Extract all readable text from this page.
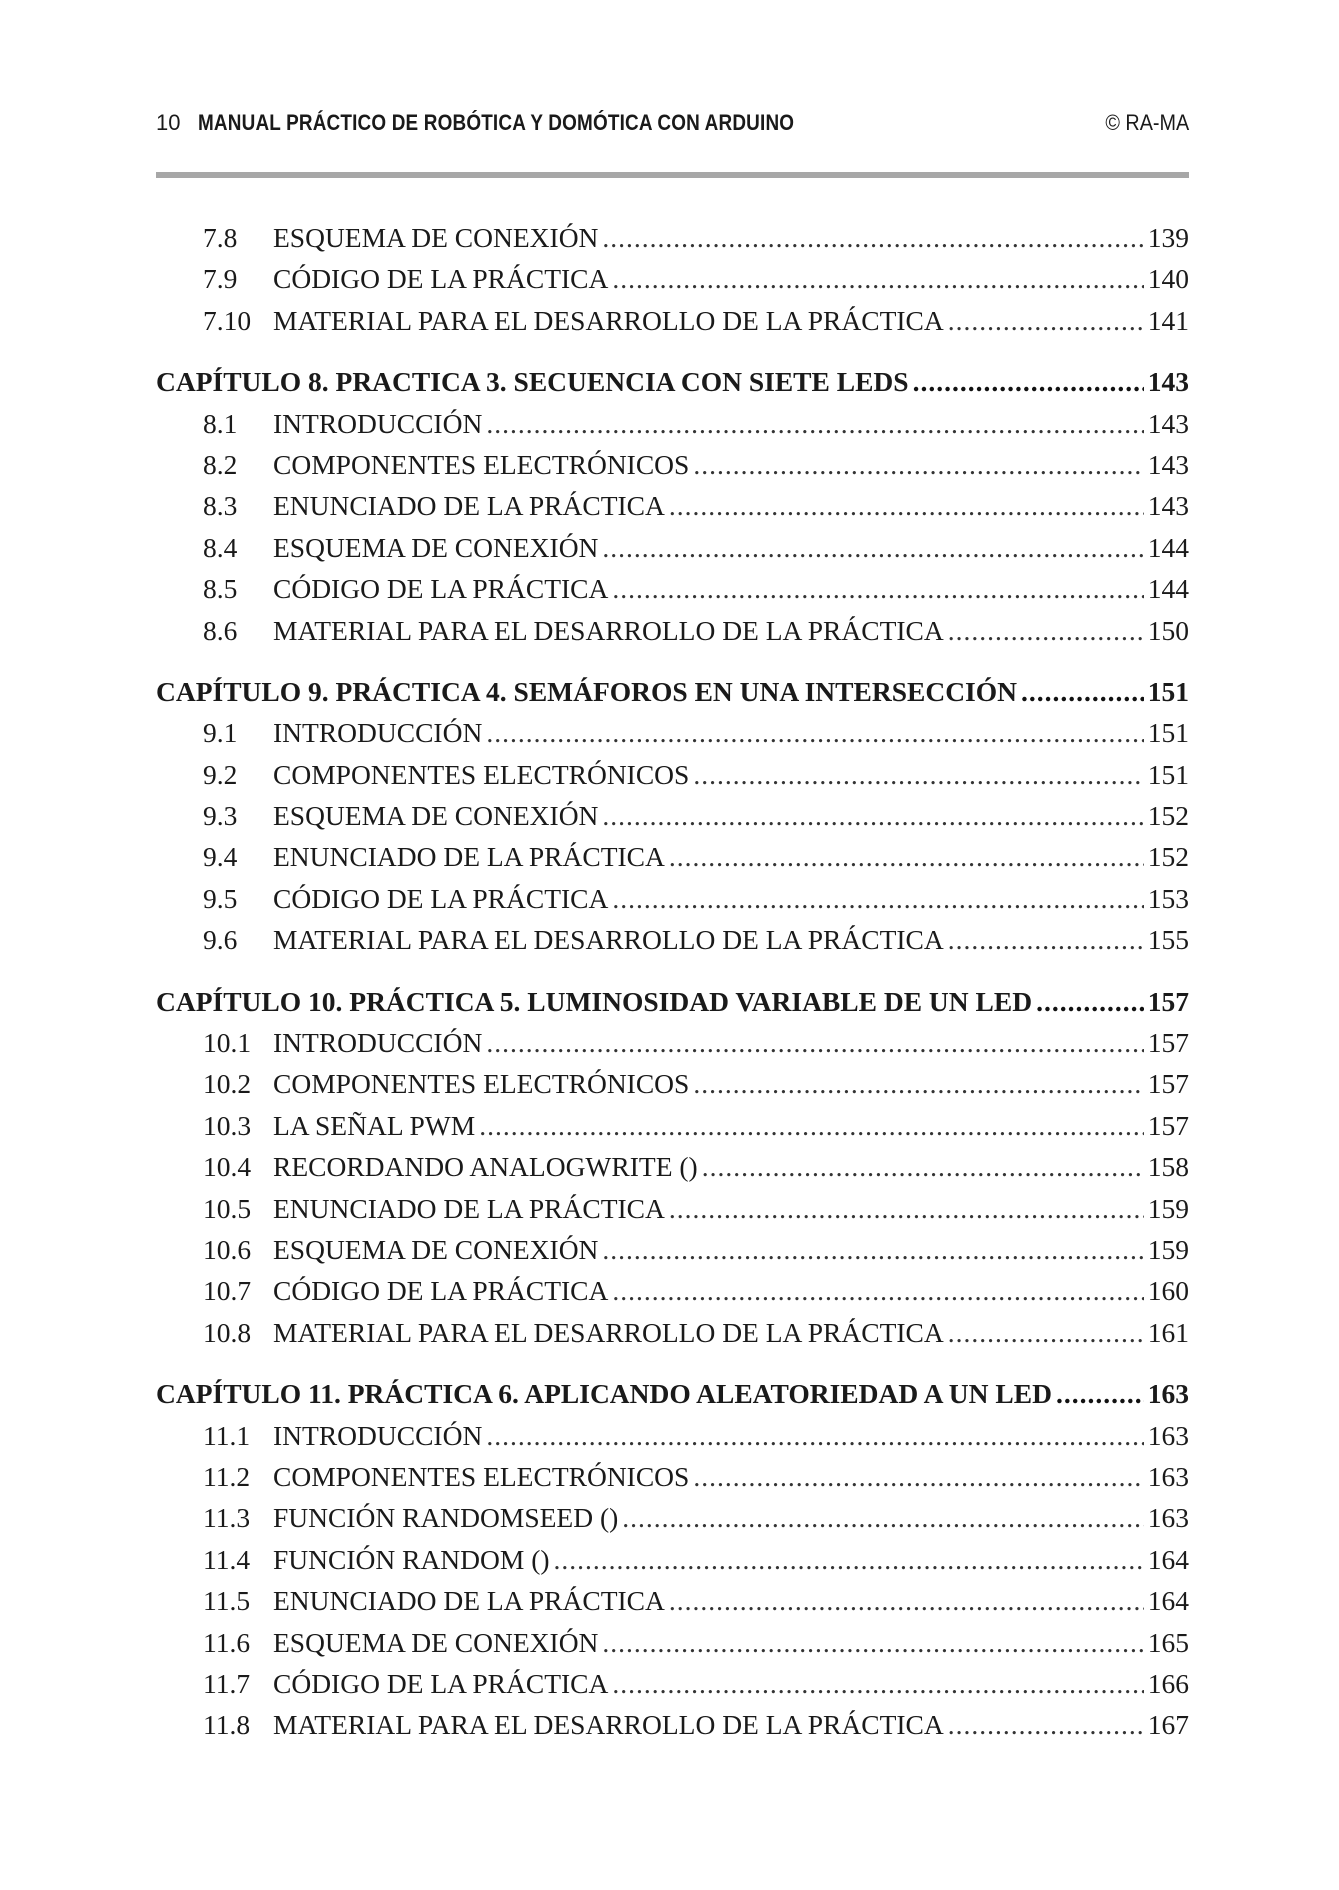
10 MANUAL PRÁCTICO DE ROBÓTICA Y DOMÓTICA CON ARDUINO	© RA-MA
7.8	ESQUEMA DE CONEXIÓN .....	139
7.9	CÓDIGO DE LA PRÁCTICA .....	140
7.10 MATERIAL PARA EL DESARROLLO DE LA PRÁCTICA .....	141
CAPÍTULO 8. PRACTICA 3. SECUENCIA CON SIETE LEDS .....	143
8.1	INTRODUCCIÓN .....	143
8.2	COMPONENTES ELECTRÓNICOS .....	143
8.3	ENUNCIADO DE LA PRÁCTICA .....	143
8.4	ESQUEMA DE CONEXIÓN .....	144
8.5	CÓDIGO DE LA PRÁCTICA .....	144
8.6	MATERIAL PARA EL DESARROLLO DE LA PRÁCTICA .....	150
CAPÍTULO 9. PRÁCTICA 4. SEMÁFOROS EN UNA INTERSECCIÓN .....	151
9.1	INTRODUCCIÓN .....	151
9.2	COMPONENTES ELECTRÓNICOS .....	151
9.3	ESQUEMA DE CONEXIÓN .....	152
9.4	ENUNCIADO DE LA PRÁCTICA .....	152
9.5	CÓDIGO DE LA PRÁCTICA .....	153
9.6	MATERIAL PARA EL DESARROLLO DE LA PRÁCTICA .....	155
CAPÍTULO 10. PRÁCTICA 5. LUMINOSIDAD VARIABLE DE UN LED .....	157
10.1 INTRODUCCIÓN .....	157
10.2 COMPONENTES ELECTRÓNICOS .....	157
10.3 LA SEÑAL PWM .....	157
10.4 RECORDANDO ANALOGWRITE () .....	158
10.5 ENUNCIADO DE LA PRÁCTICA .....	159
10.6 ESQUEMA DE CONEXIÓN .....	159
10.7 CÓDIGO DE LA PRÁCTICA .....	160
10.8 MATERIAL PARA EL DESARROLLO DE LA PRÁCTICA .....	161
CAPÍTULO 11. PRÁCTICA 6. APLICANDO ALEATORIEDAD A UN LED .....	163
11.1 INTRODUCCIÓN .....	163
11.2 COMPONENTES ELECTRÓNICOS .....	163
11.3 FUNCIÓN RANDOMSEED () .....	163
11.4 FUNCIÓN RANDOM () .....	164
11.5 ENUNCIADO DE LA PRÁCTICA .....	164
11.6 ESQUEMA DE CONEXIÓN .....	165
11.7 CÓDIGO DE LA PRÁCTICA .....	166
11.8 MATERIAL PARA EL DESARROLLO DE LA PRÁCTICA .....	167
